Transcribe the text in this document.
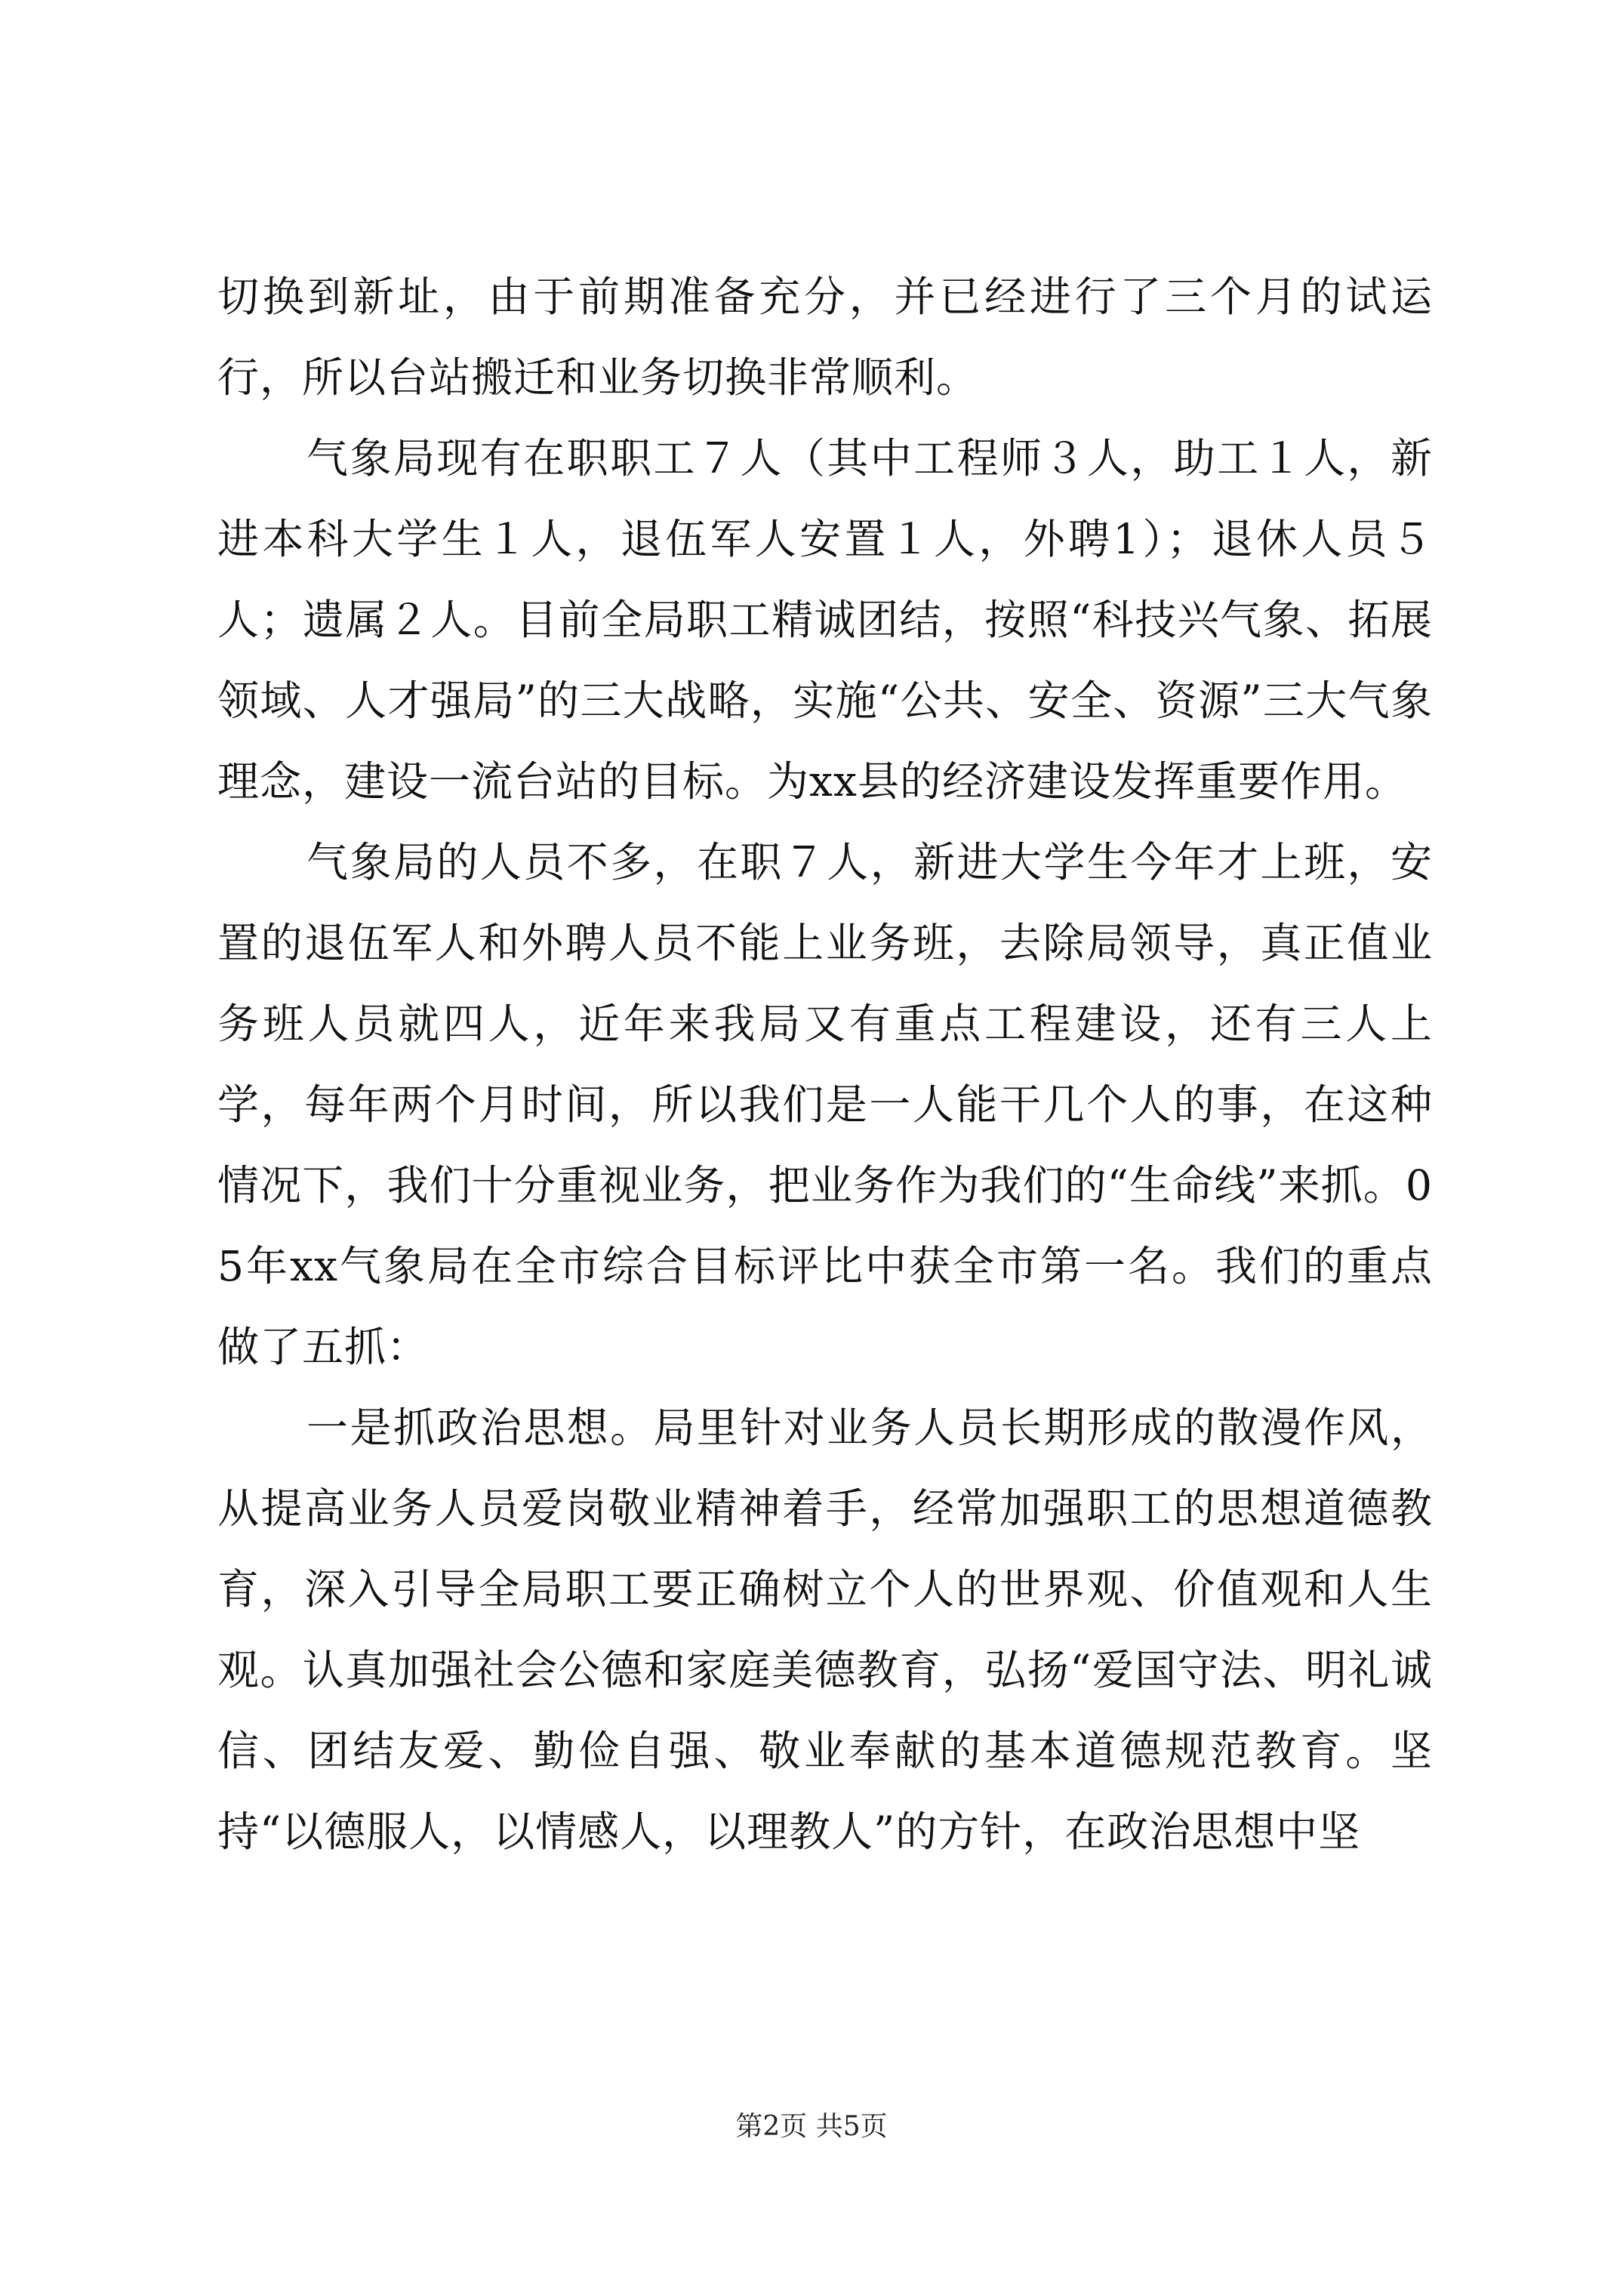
切换到新址，由于前期准备充分，并已经进行了三个月的试运行，所以台站搬迁和业务切换非常顺利。

气象局现有在职职工７人（其中工程师３人，助工１人，新进本科大学生１人，退伍军人安置１人，外聘1）；退休人员５人；遗属２人。目前全局职工精诚团结，按照“科技兴气象、拓展领域、人才强局”的三大战略，实施“公共、安全、资源”三大气象理念，建设一流台站的目标。为xx县的经济建设发挥重要作用。

气象局的人员不多，在职７人，新进大学生今年才上班，安置的退伍军人和外聘人员不能上业务班，去除局领导，真正值业务班人员就四人，近年来我局又有重点工程建设，还有三人上学，每年两个月时间，所以我们是一人能干几个人的事，在这种情况下，我们十分重视业务，把业务作为我们的“生命线”来抓。05年xx气象局在全市综合目标评比中获全市第一名。我们的重点做了五抓：

一是抓政治思想。局里针对业务人员长期形成的散漫作风，从提高业务人员爱岗敬业精神着手，经常加强职工的思想道德教育，深入引导全局职工要正确树立个人的世界观、价值观和人生观。认真加强社会公德和家庭美德教育，弘扬“爱国守法、明礼诚信、团结友爱、勤俭自强、敬业奉献的基本道德规范教育。坚持“以德服人，以情感人，以理教人”的方针，在政治思想中坚

第2页 共5页
